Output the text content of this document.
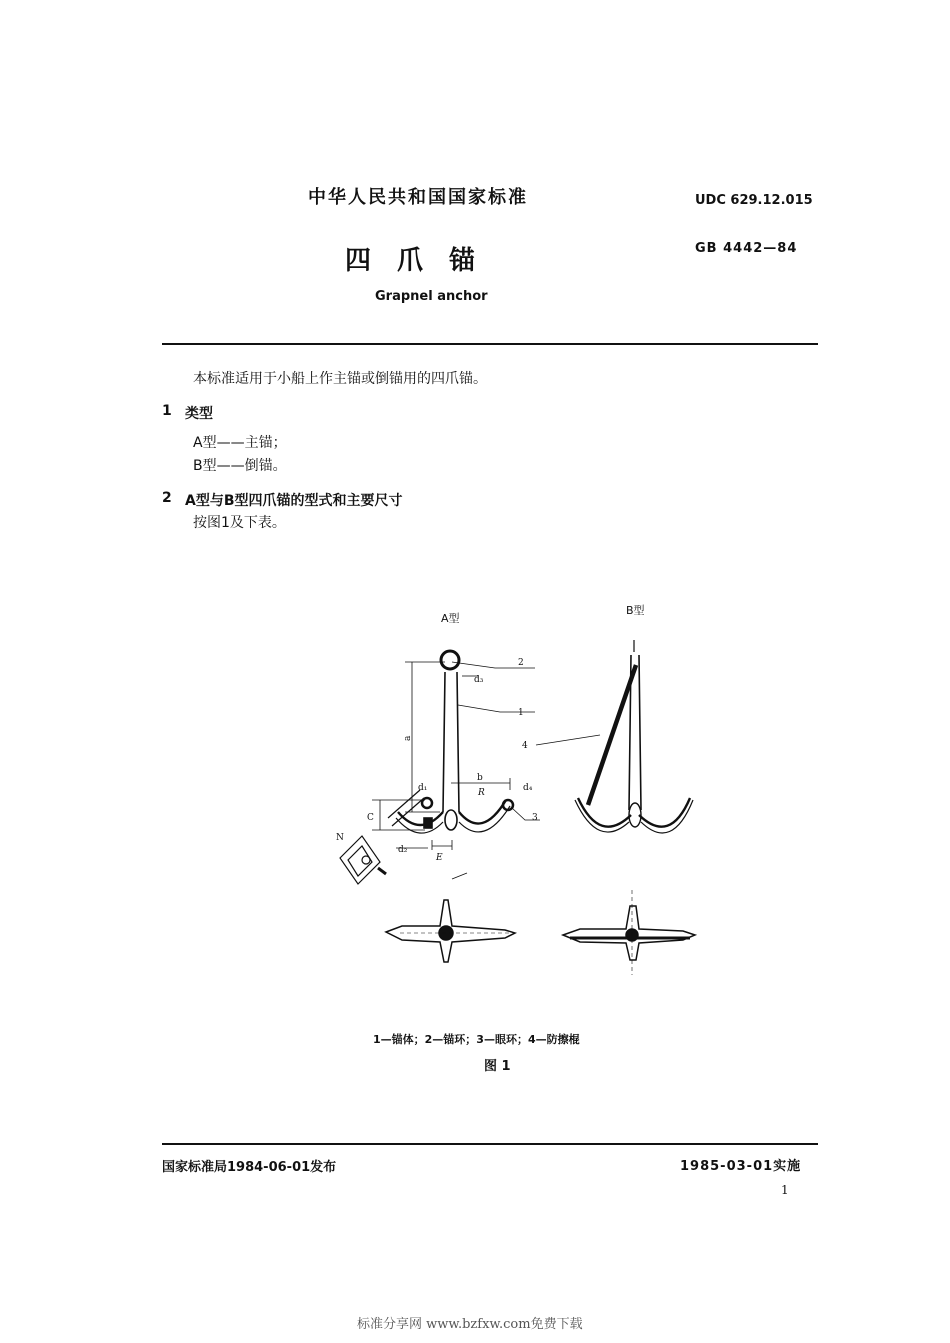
中华人民共和国国家标准	UDC 629.12.015
四　爪　锚	GB 4442—84
Grapnel anchor
本标准适用于小船上作主锚或倒锚用的四爪锚。
1 类型
A型——主锚；
B型——倒锚。
2 A型与B型四爪锚的型式和主要尺寸
按图1及下表。
a
b
C
d₁
d₂
d₃
d₄
R
E
N
2
1
3
4
A型
B型
1—锚体；2—锚环；3—眼环；4—防擦棍
图 1
国家标准局1984-06-01发布	1985-03-01实施
1
标准分享网 www.bzfxw.com免费下载
